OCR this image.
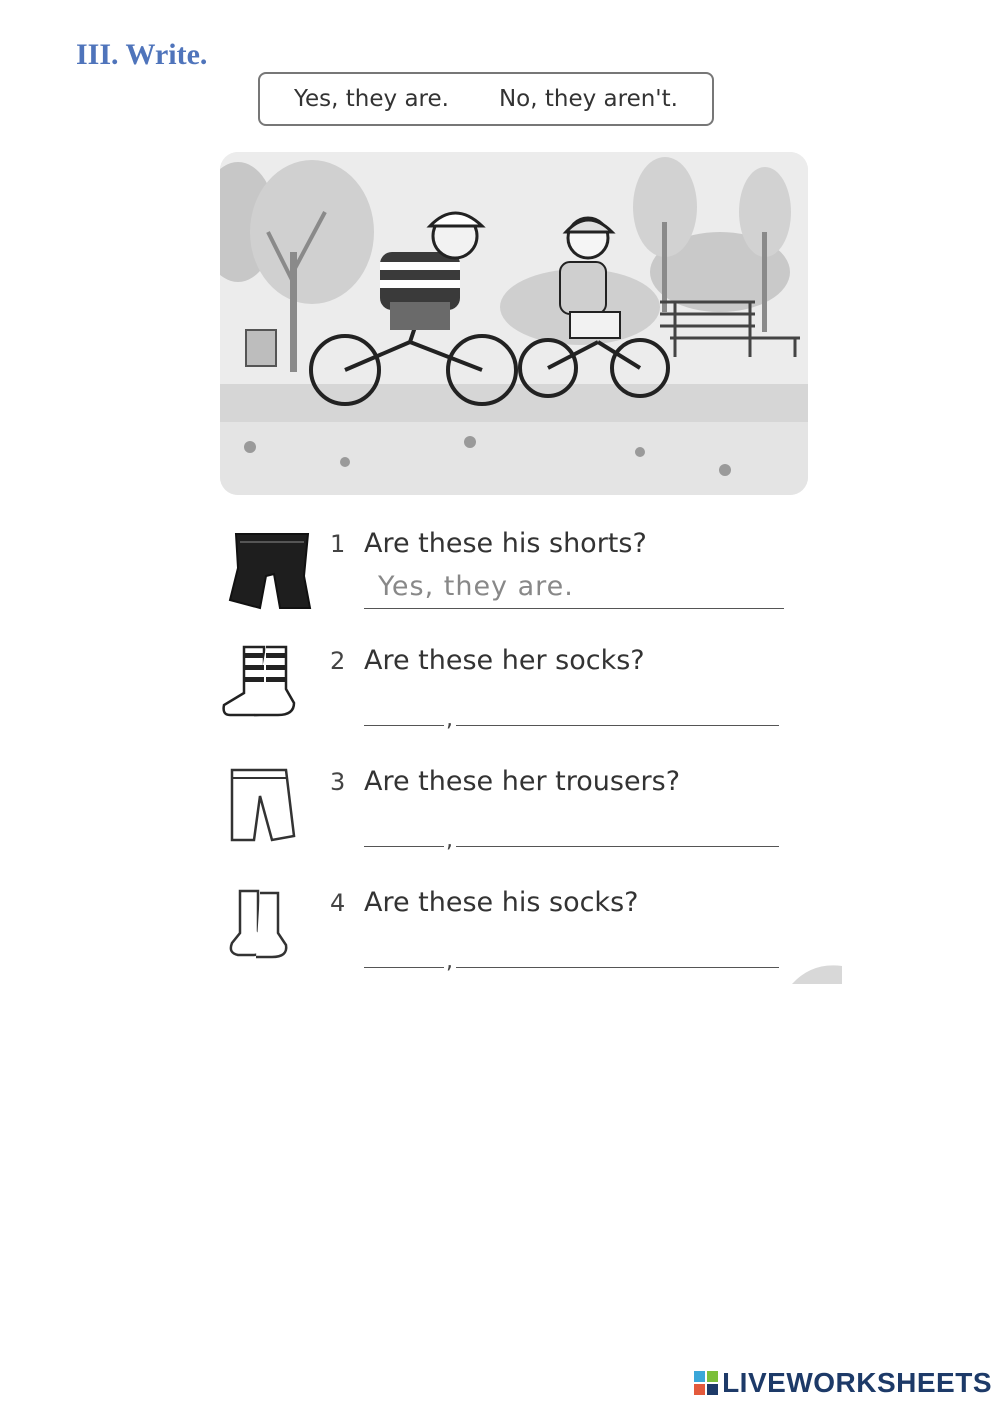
III. Write.
Yes, they are. No, they aren't.
1 Are these his shorts?
Yes, they are.
2 Are these her socks?
,
3 Are these her trousers?
,
4 Are these his socks?
,
LIVEWORKSHEETS
